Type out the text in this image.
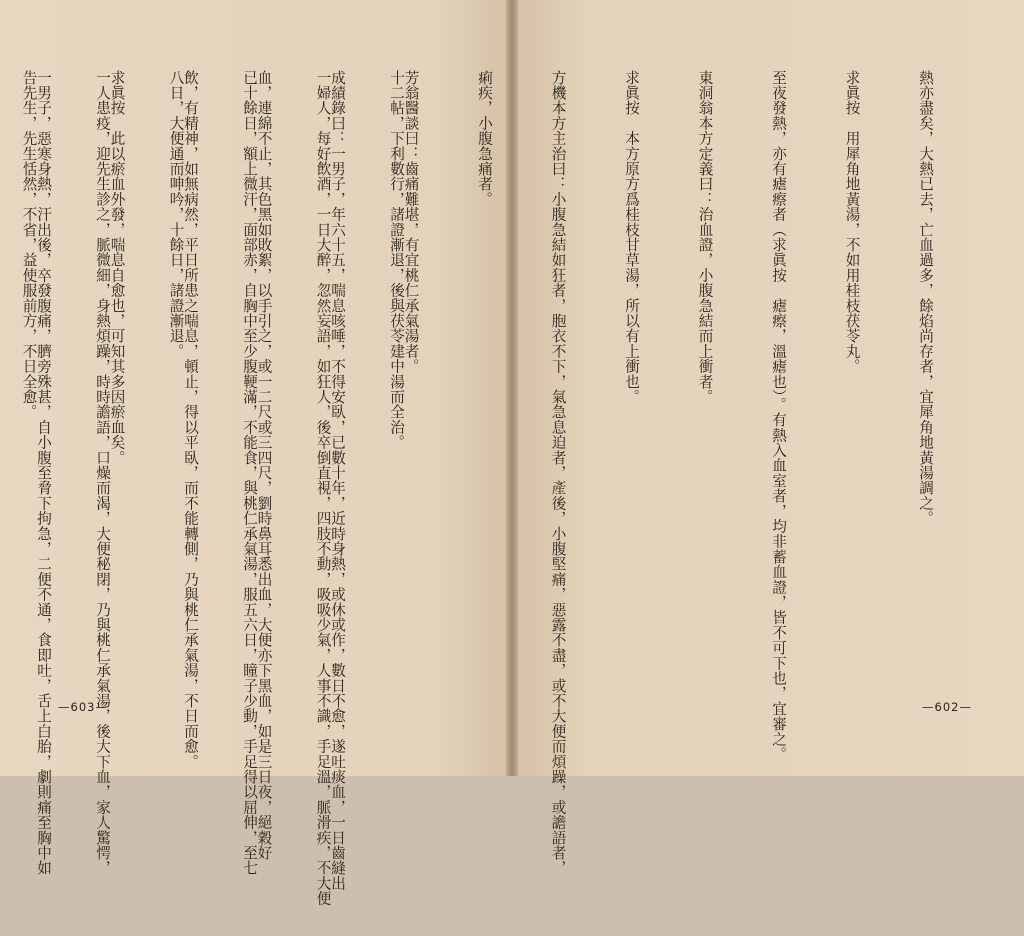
十二帖，下利數行，諸證漸退，後與茯苓建中湯而全治。

一婦人，每好飲酒，一日大醉，忽然妄語，如狂人，後卒倒直視，四肢不動，吸吸少氣，人事不識，手足溫，脈滑疾，不大便

已十餘日，額上微汗，面部赤，自胸中至少腹鞕滿，不能食，與桃仁承氣湯，服五六日，瞳子少動，手足得以屈伸，至七

八日，大便通而呻吟，十餘日，諸證漸退。

一人患疫，迎先生診之，脈微細，身熱煩躁，時時譫語，口燥而渴，大便秘閉，乃與桃仁承氣湯，後大下血，家人驚愕，

告先生，先生恬然，不省，益使服前方，不日全愈。

—603—

熱亦盡矣，大熱已去，亡血過多，餘焰尚存者，宜犀角地黃湯調之。

求眞按　用犀角地黃湯，不如用桂枝茯苓丸。

至夜發熱，亦有瘧瘵者（求眞按　瘧瘵，溫瘧也）。有熱入血室者，均非蓄血證，皆不可下也，宜審之。

東洞翁本方定義曰：治血證，小腹急結而上衝者。

求眞按　本方原方爲桂枝甘草湯，所以有上衝也。

方機本方主治曰：小腹急結如狂者，胞衣不下，氣急息迫者，產後，小腹堅痛，惡露不盡，或不大便而煩躁，或譫語者，

痢疾，小腹急痛者。

芳翁醫談曰：齒痛難堪，有宜桃仁承氣湯者。

成績錄曰：一男子，年六十五，喘息咳唾，不得安臥，已數十年，近時身熱，或休或作，數日不愈，遂吐痰血，一日齒縫出

血，連綿不止，其色黑如敗絮，以手引之，或一二尺或三四尺，劉時鼻耳悉出血，大便亦下黑血，如是三日夜，絕穀好

飲，有精神，如無病然，平日所患之喘息，頓止，得以平臥，而不能轉側，乃與桃仁承氣湯，不日而愈。

求眞按　此以瘀血外發，喘息自愈也，可知其多因瘀血矣。

一男子，惡寒身熱，汗出後，卒發腹痛，臍旁殊甚，自小腹至脅下拘急，二便不通，食即吐，舌上白胎，劇則痛至胸中如

	—602—
